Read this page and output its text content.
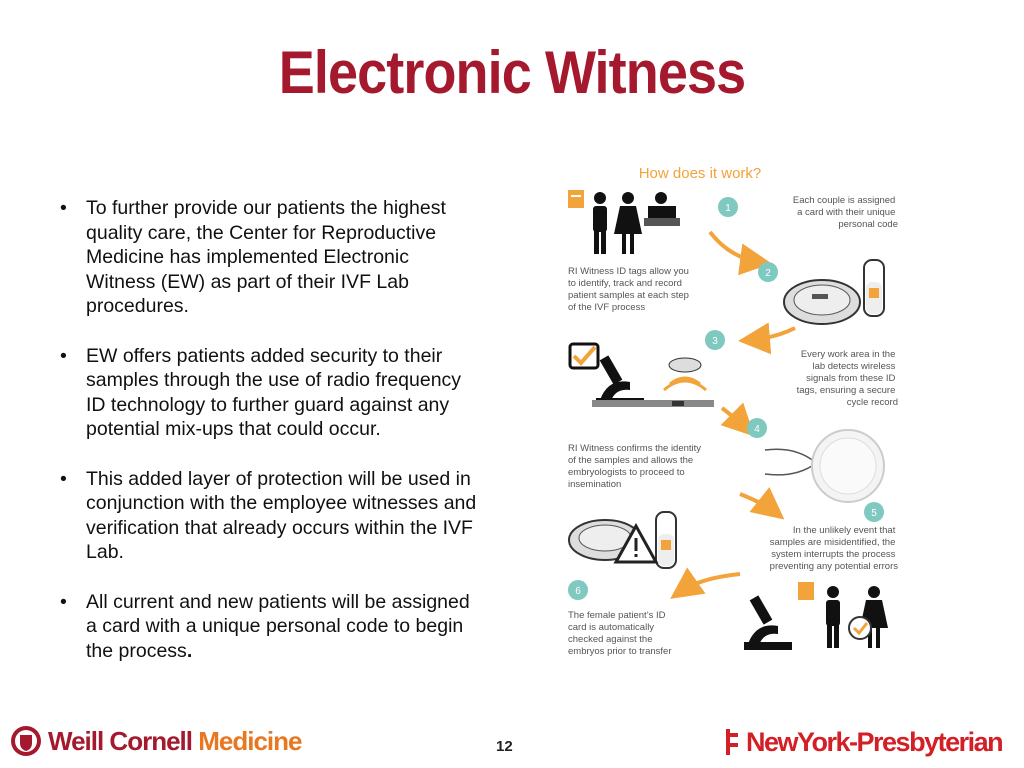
Electronic Witness
• To further provide our patients the highest quality care, the Center for Reproductive Medicine has implemented Electronic Witness (EW) as part of their IVF Lab procedures.
• EW offers patients added security to their samples through the use of radio frequency ID technology to further guard against any potential mix-ups that could occur.
• This added layer of protection will be used in conjunction with the employee witnesses and verification that already occurs within the IVF Lab.
• All current and new patients will be assigned a card with a unique personal code to begin the process.
How does it work?
1
Each couple is assigned a card with their unique personal code
2
RI Witness ID tags allow you to identify, track and record patient samples at each step of the IVF process
3
Every work area in the lab detects wireless signals from these ID tags, ensuring a secure cycle record
4
RI Witness confirms the identity of the samples and allows the embryologists to proceed to insemination
5
In the unlikely event that samples are misidentified, the system interrupts the process preventing any potential errors
6
The female patient’s ID card is automatically checked against the embryos prior to transfer
Weill Cornell Medicine	12	NewYork-Presbyterian
